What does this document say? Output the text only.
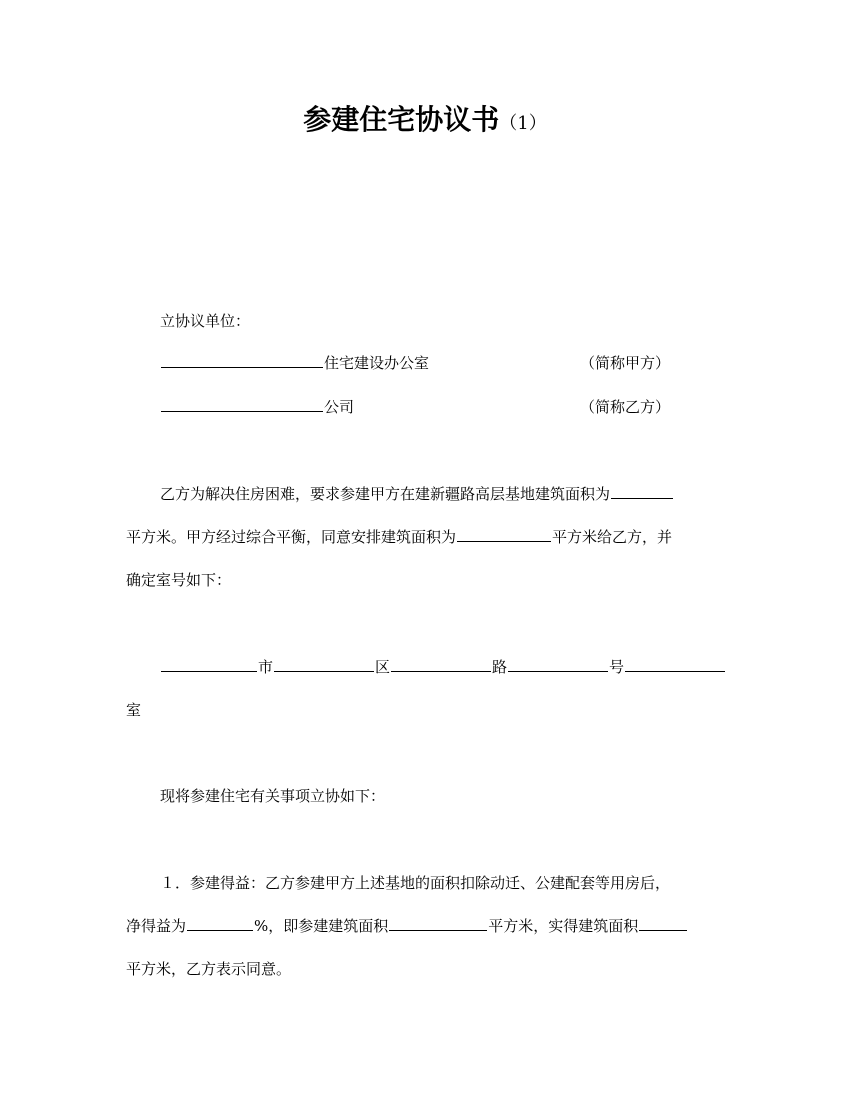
参建住宅协议书（1）
立协议单位：
住宅建设办公室	（简称甲方）
公司	（简称乙方）
乙方为解决住房困难，要求参建甲方在建新疆路高层基地建筑面积为
平方米。甲方经过综合平衡，同意安排建筑面积为	平方米给乙方，并
确定室号如下：
市	区	路	号
室
现将参建住宅有关事项立协如下：
１．参建得益：乙方参建甲方上述基地的面积扣除动迁、公建配套等用房后，
净得益为	%，即参建建筑面积	平方米，实得建筑面积
平方米，乙方表示同意。
